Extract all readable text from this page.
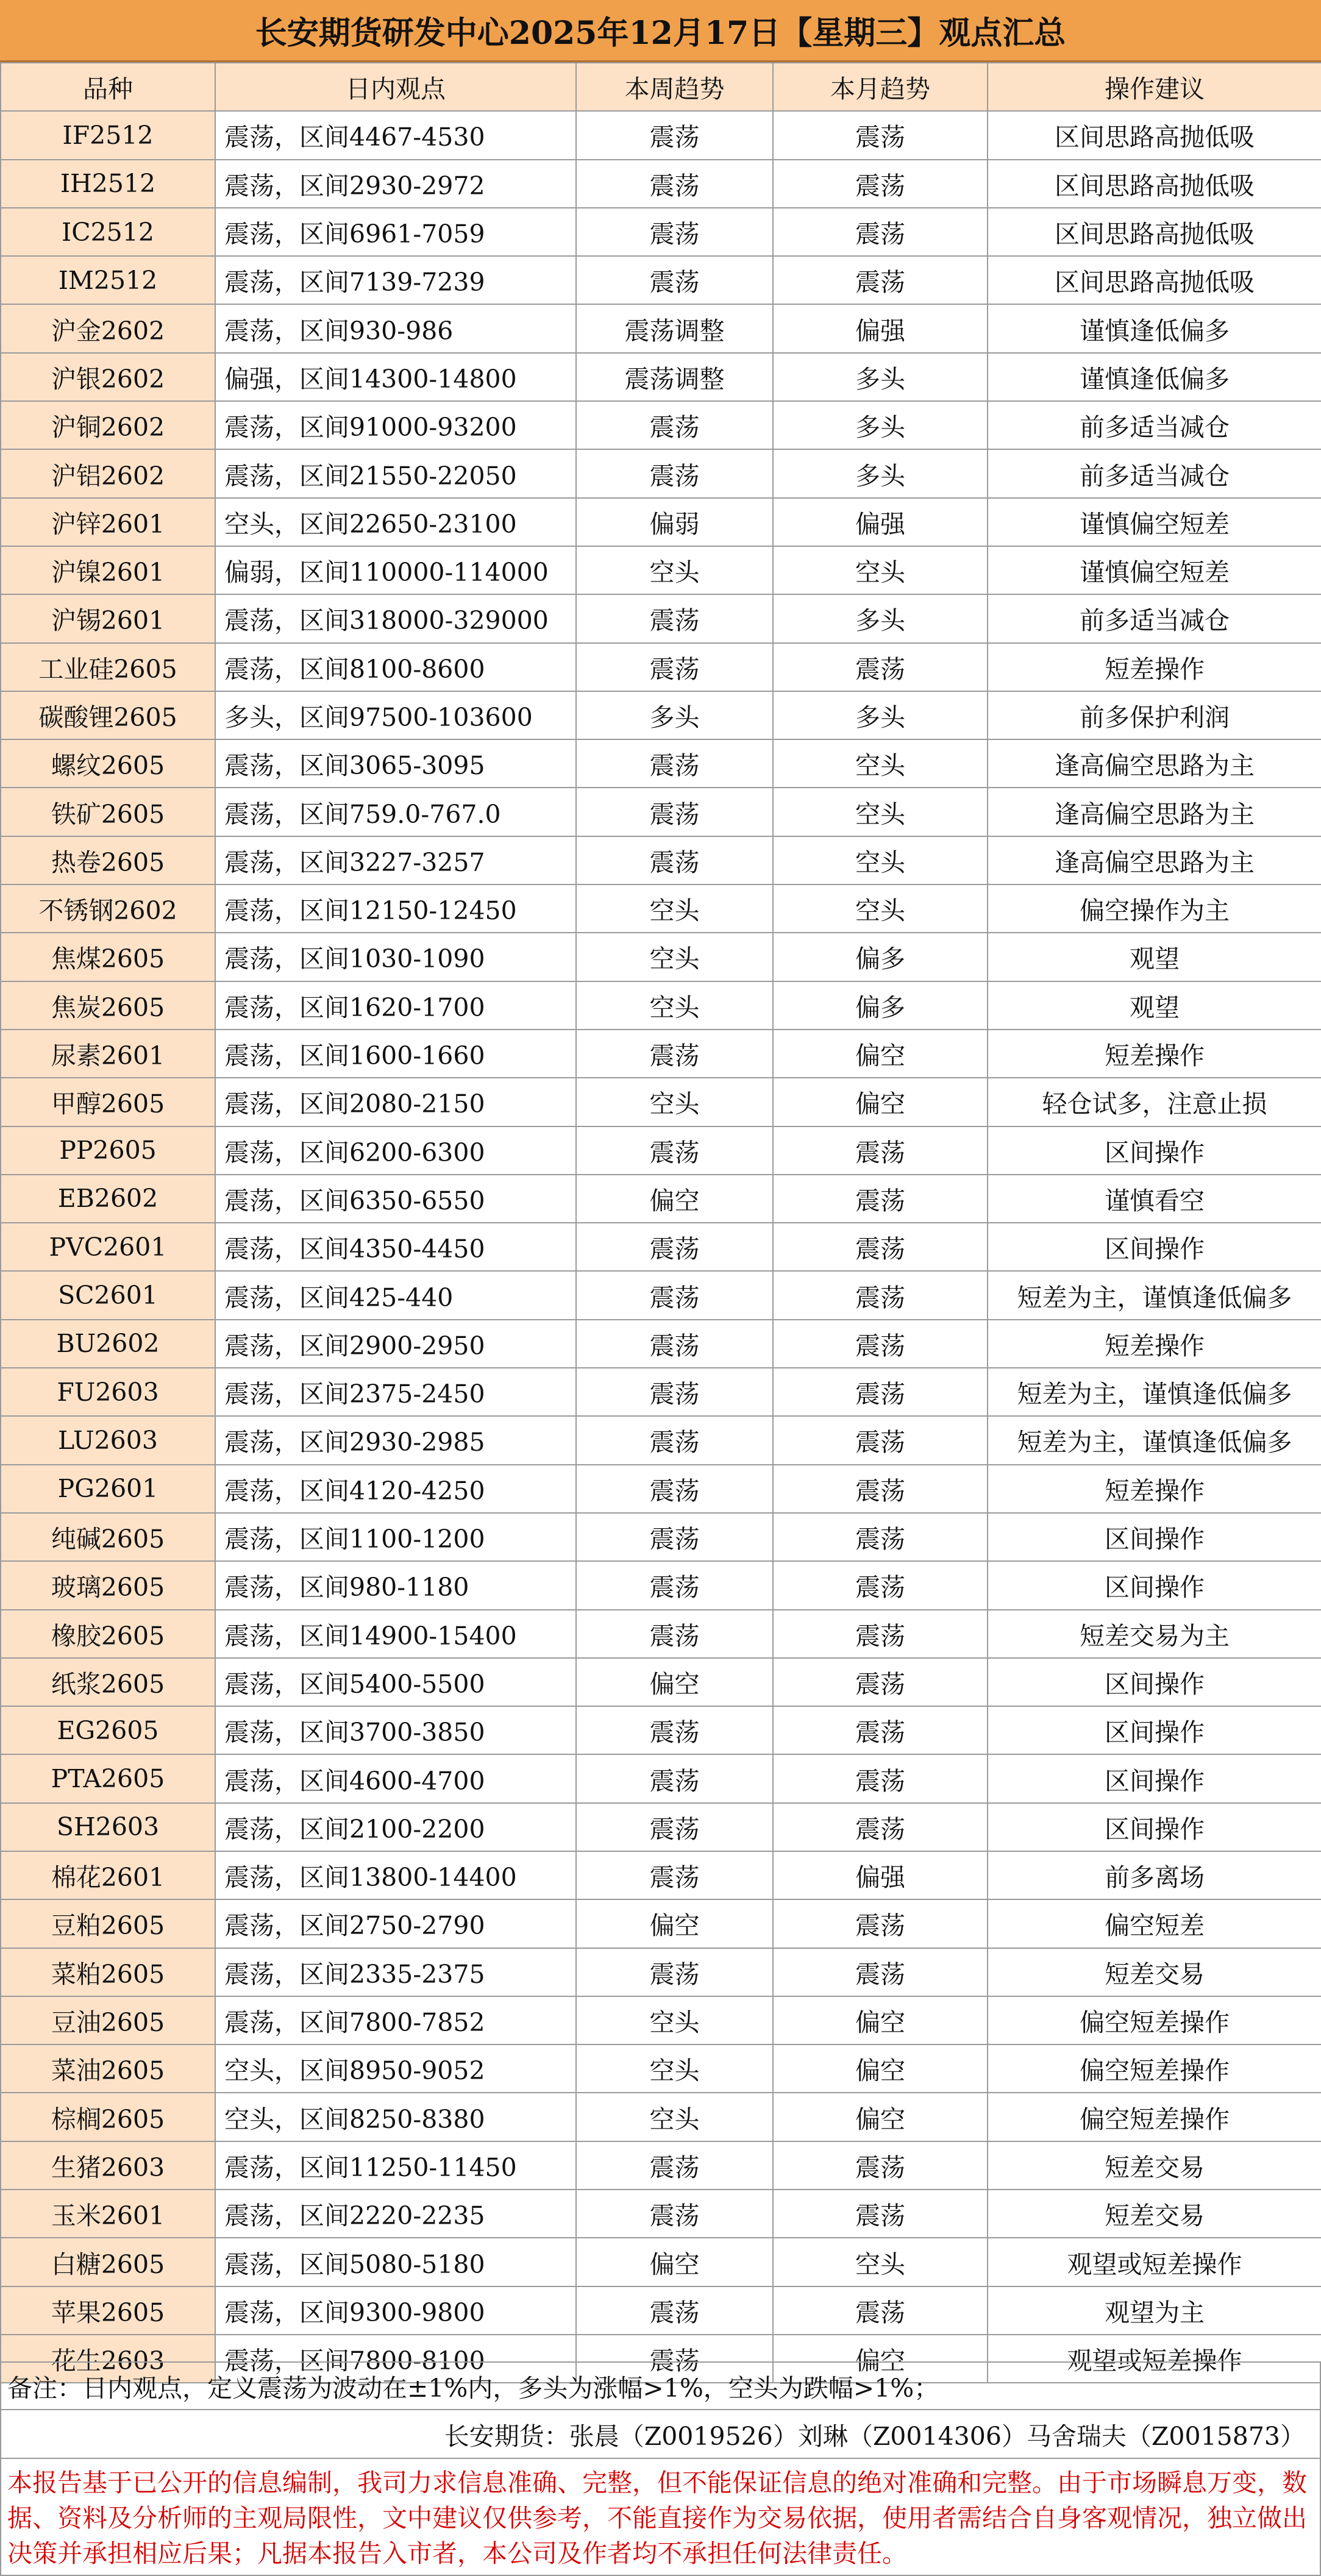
长安期货研发中心2025年12月17日【星期三】观点汇总
品种	日内观点	本周趋势	本月趋势	操作建议
IF2512	震荡，区间4467-4530	震荡	震荡	区间思路高抛低吸
IH2512	震荡，区间2930-2972	震荡	震荡	区间思路高抛低吸
IC2512	震荡，区间6961-7059	震荡	震荡	区间思路高抛低吸
IM2512	震荡，区间7139-7239	震荡	震荡	区间思路高抛低吸
沪金2602	震荡，区间930-986	震荡调整	偏强	谨慎逢低偏多
沪银2602	偏强，区间14300-14800	震荡调整	多头	谨慎逢低偏多
沪铜2602	震荡，区间91000-93200	震荡	多头	前多适当减仓
沪铝2602	震荡，区间21550-22050	震荡	多头	前多适当减仓
沪锌2601	空头，区间22650-23100	偏弱	偏强	谨慎偏空短差
沪镍2601	偏弱，区间110000-114000	空头	空头	谨慎偏空短差
沪锡2601	震荡，区间318000-329000	震荡	多头	前多适当减仓
工业硅2605	震荡，区间8100-8600	震荡	震荡	短差操作
碳酸锂2605	多头，区间97500-103600	多头	多头	前多保护利润
螺纹2605	震荡，区间3065-3095	震荡	空头	逢高偏空思路为主
铁矿2605	震荡，区间759.0-767.0	震荡	空头	逢高偏空思路为主
热卷2605	震荡，区间3227-3257	震荡	空头	逢高偏空思路为主
不锈钢2602	震荡，区间12150-12450	空头	空头	偏空操作为主
焦煤2605	震荡，区间1030-1090	空头	偏多	观望
焦炭2605	震荡，区间1620-1700	空头	偏多	观望
尿素2601	震荡，区间1600-1660	震荡	偏空	短差操作
甲醇2605	震荡，区间2080-2150	空头	偏空	轻仓试多，注意止损
PP2605	震荡，区间6200-6300	震荡	震荡	区间操作
EB2602	震荡，区间6350-6550	偏空	震荡	谨慎看空
PVC2601	震荡，区间4350-4450	震荡	震荡	区间操作
SC2601	震荡，区间425-440	震荡	震荡	短差为主，谨慎逢低偏多
BU2602	震荡，区间2900-2950	震荡	震荡	短差操作
FU2603	震荡，区间2375-2450	震荡	震荡	短差为主，谨慎逢低偏多
LU2603	震荡，区间2930-2985	震荡	震荡	短差为主，谨慎逢低偏多
PG2601	震荡，区间4120-4250	震荡	震荡	短差操作
纯碱2605	震荡，区间1100-1200	震荡	震荡	区间操作
玻璃2605	震荡，区间980-1180	震荡	震荡	区间操作
橡胶2605	震荡，区间14900-15400	震荡	震荡	短差交易为主
纸浆2605	震荡，区间5400-5500	偏空	震荡	区间操作
EG2605	震荡，区间3700-3850	震荡	震荡	区间操作
PTA2605	震荡，区间4600-4700	震荡	震荡	区间操作
SH2603	震荡，区间2100-2200	震荡	震荡	区间操作
棉花2601	震荡，区间13800-14400	震荡	偏强	前多离场
豆粕2605	震荡，区间2750-2790	偏空	震荡	偏空短差
菜粕2605	震荡，区间2335-2375	震荡	震荡	短差交易
豆油2605	震荡，区间7800-7852	空头	偏空	偏空短差操作
菜油2605	空头，区间8950-9052	空头	偏空	偏空短差操作
棕榈2605	空头，区间8250-8380	空头	偏空	偏空短差操作
生猪2603	震荡，区间11250-11450	震荡	震荡	短差交易
玉米2601	震荡，区间2220-2235	震荡	震荡	短差交易
白糖2605	震荡，区间5080-5180	偏空	空头	观望或短差操作
苹果2605	震荡，区间9300-9800	震荡	震荡	观望为主
花生2603	震荡，区间7800-8100	震荡	偏空	观望或短差操作
备注：日内观点，定义震荡为波动在±1%内，多头为涨幅>1%，空头为跌幅>1%；
长安期货：张晨（Z0019526）刘琳（Z0014306）马舍瑞夫（Z0015873）
本报告基于已公开的信息编制，我司力求信息准确、完整，但不能保证信息的绝对准确和完整。由于市场瞬息万变，数据、资料及分析师的主观局限性，文中建议仅供参考，不能直接作为交易依据，使用者需结合自身客观情况，独立做出决策并承担相应后果；凡据本报告入市者，本公司及作者均不承担任何法律责任。
